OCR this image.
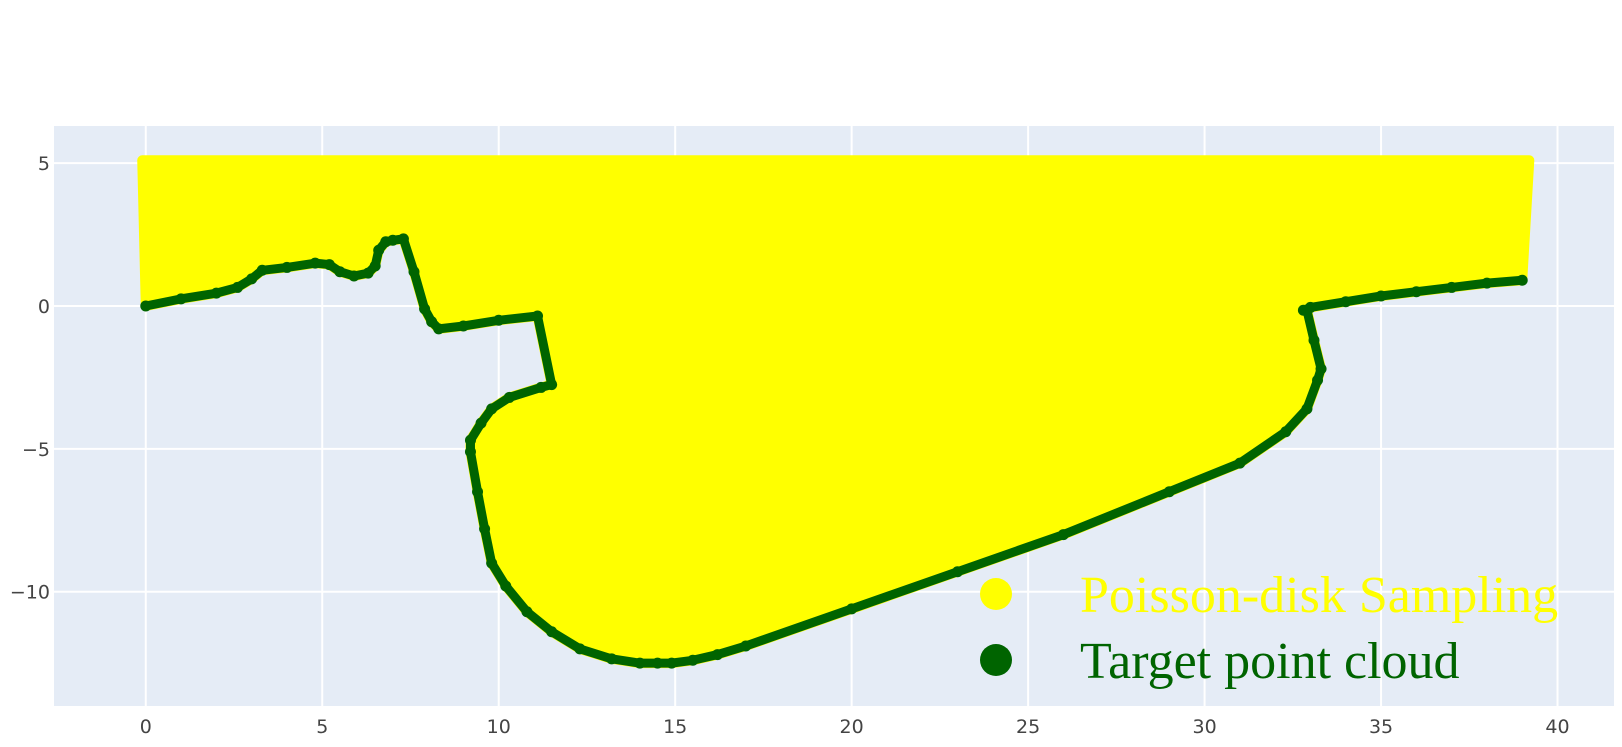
0	5	10	15	20	25	30	35	40
5
0
−5
−10	Poisson-disk Sampling
Target point cloud
